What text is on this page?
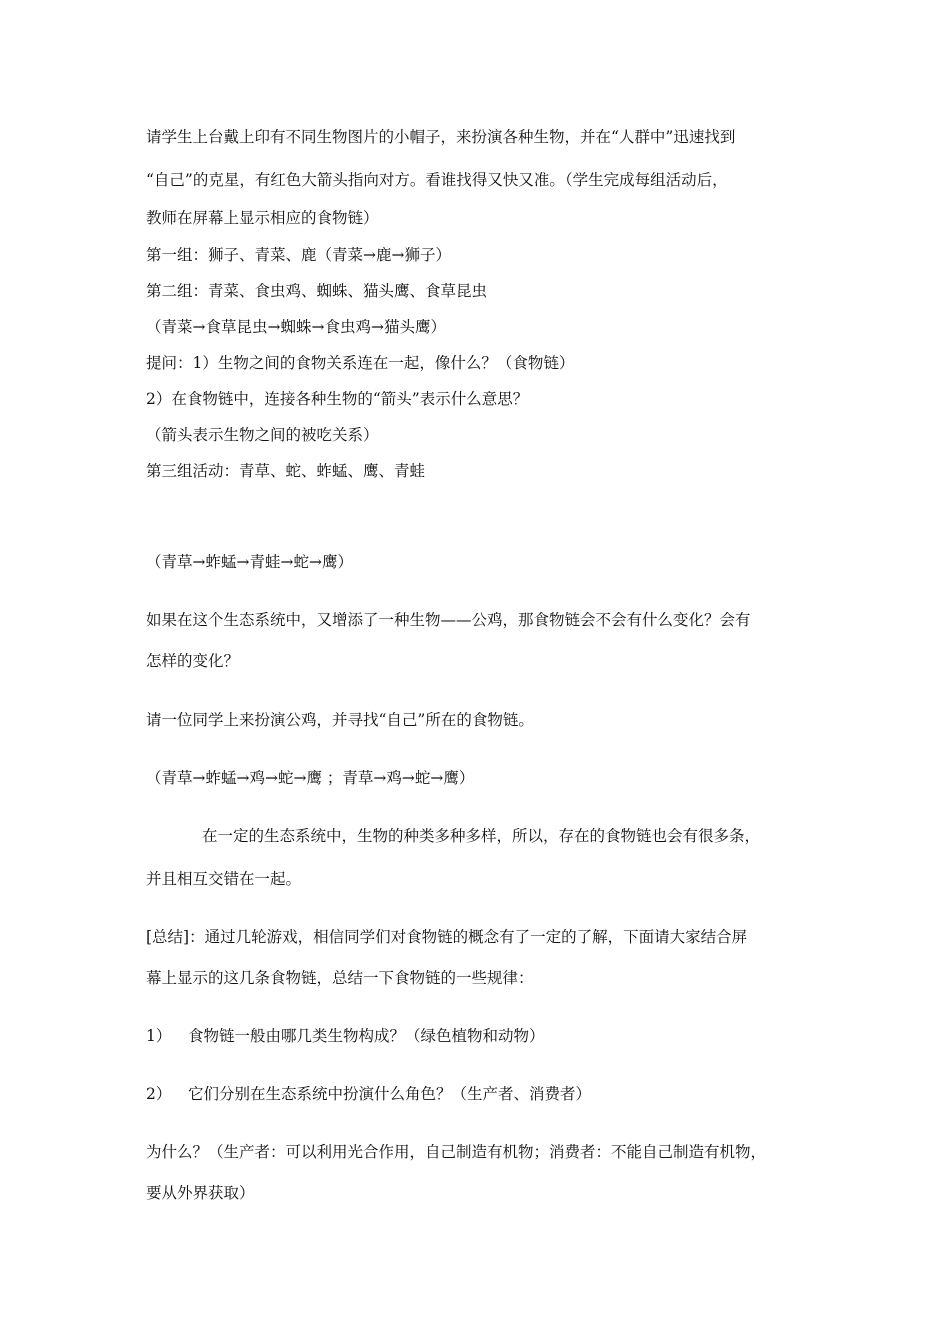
请学生上台戴上印有不同生物图片的小帽子，来扮演各种生物，并在“人群中”迅速找到

“自己”的克星，有红色大箭头指向对方。看谁找得又快又准。（学生完成每组活动后，

教师在屏幕上显示相应的食物链）

第一组：狮子、青菜、鹿（青菜→鹿→狮子）

第二组：青菜、食虫鸡、蜘蛛、猫头鹰、食草昆虫

（青菜→食草昆虫→蜘蛛→食虫鸡→猫头鹰）

提问：1）生物之间的食物关系连在一起，像什么？（食物链）

2）在食物链中，连接各种生物的“箭头”表示什么意思？

（箭头表示生物之间的被吃关系）

第三组活动：青草、蛇、蚱蜢、鹰、青蛙

（青草→蚱蜢→青蛙→蛇→鹰）

如果在这个生态系统中，又增添了一种生物——公鸡，那食物链会不会有什么变化？会有

怎样的变化？

请一位同学上来扮演公鸡，并寻找“自己”所在的食物链。

（青草→蚱蜢→鸡→蛇→鹰 ；青草→鸡→蛇→鹰）

在一定的生态系统中，生物的种类多种多样，所以，存在的食物链也会有很多条，

并且相互交错在一起。

[总结]：通过几轮游戏，相信同学们对食物链的概念有了一定的了解，下面请大家结合屏

幕上显示的这几条食物链，总结一下食物链的一些规律：

1） 食物链一般由哪几类生物构成？（绿色植物和动物）

2） 它们分别在生态系统中扮演什么角色？（生产者、消费者）

为什么？（生产者：可以利用光合作用，自己制造有机物；消费者：不能自己制造有机物，

要从外界获取）
